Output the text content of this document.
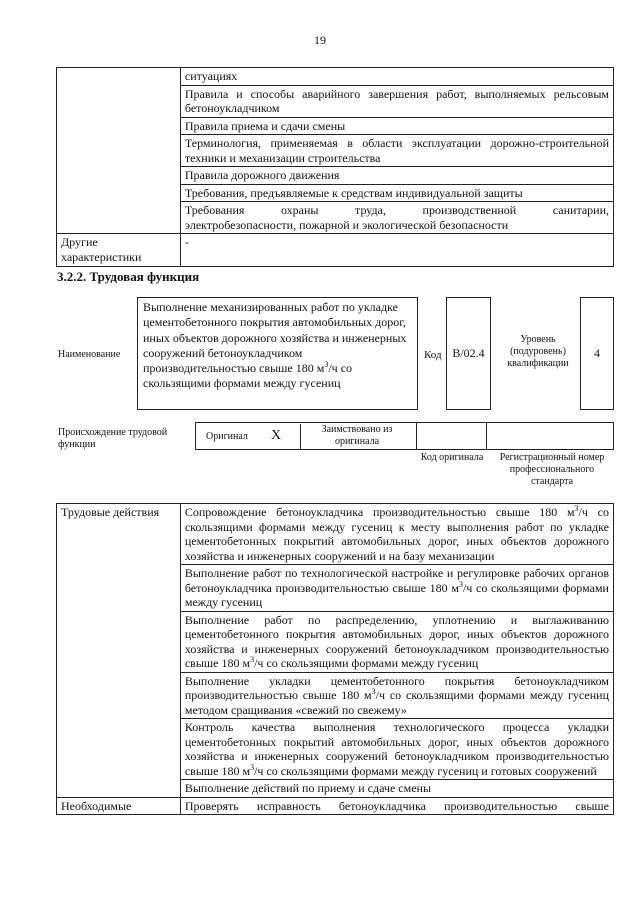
19
	ситуациях
	Правила и способы аварийного завершения работ, выполняемых рельсовым бетоноукладчиком
	Правила приема и сдачи смены
	Терминология, применяемая в области эксплуатации дорожно-строительной техники и механизации строительства
	Правила дорожного движения
	Требования, предъявляемые к средствам индивидуальной защиты

	Требования охраны труда, производственной санитарии,
электробезопасности, пожарной и экологической безопасности

Другие характеристики	-
3.2.2. Трудовая функция
Наименование
Выполнение механизированных работ по укладке цементобетонного покрытия автомобильных дорог, иных объектов дорожного хозяйства и инженерных сооружений бетоноукладчиком производительностью свыше 180 $м^3/ч$ со скользящими формами между гусениц
Код B/02.4
Уровень (подуровень) квалификации
4
Происхождение трудовой функции
Оригинал X	Заимствовано из оригинала
Код оригинала	Регистрационный номер профессионального стандарта
Трудовые действия	Сопровождение бетоноукладчика производительностью свыше 180 $м^3/ч$ со скользящими формами между гусениц к месту выполнения работ по укладке цементобетонных покрытий автомобильных дорог, иных объектов дорожного хозяйства и инженерных сооружений и на базу механизации
	Выполнение работ по технологической настройке и регулировке рабочих органов бетоноукладчика производительностью свыше 180 $м^3/ч$ со скользящими формами между гусениц
	Выполнение работ по распределению, уплотнению и выглаживанию цементобетонного покрытия автомобильных дорог, иных объектов дорожного хозяйства и инженерных сооружений бетоноукладчиком производительностью свыше 180 $м^3/ч$ со скользящими формами между гусениц
	Выполнение укладки цементобетонного покрытия бетоноукладчиком производительностью свыше 180 $м^3/ч$ со скользящими формами между гусениц методом сращивания «свежий по свежему»
	Контроль качества выполнения технологического процесса укладки цементобетонных покрытий автомобильных дорог, иных объектов дорожного хозяйства и инженерных сооружений бетоноукладчиком производительностью свыше 180 $м^3/ч$ со скользящими формами между гусениц и готовых сооружений
	Выполнение действий по приему и сдаче смены
Необходимые	Проверять исправность бетоноукладчика производительностью свыше
